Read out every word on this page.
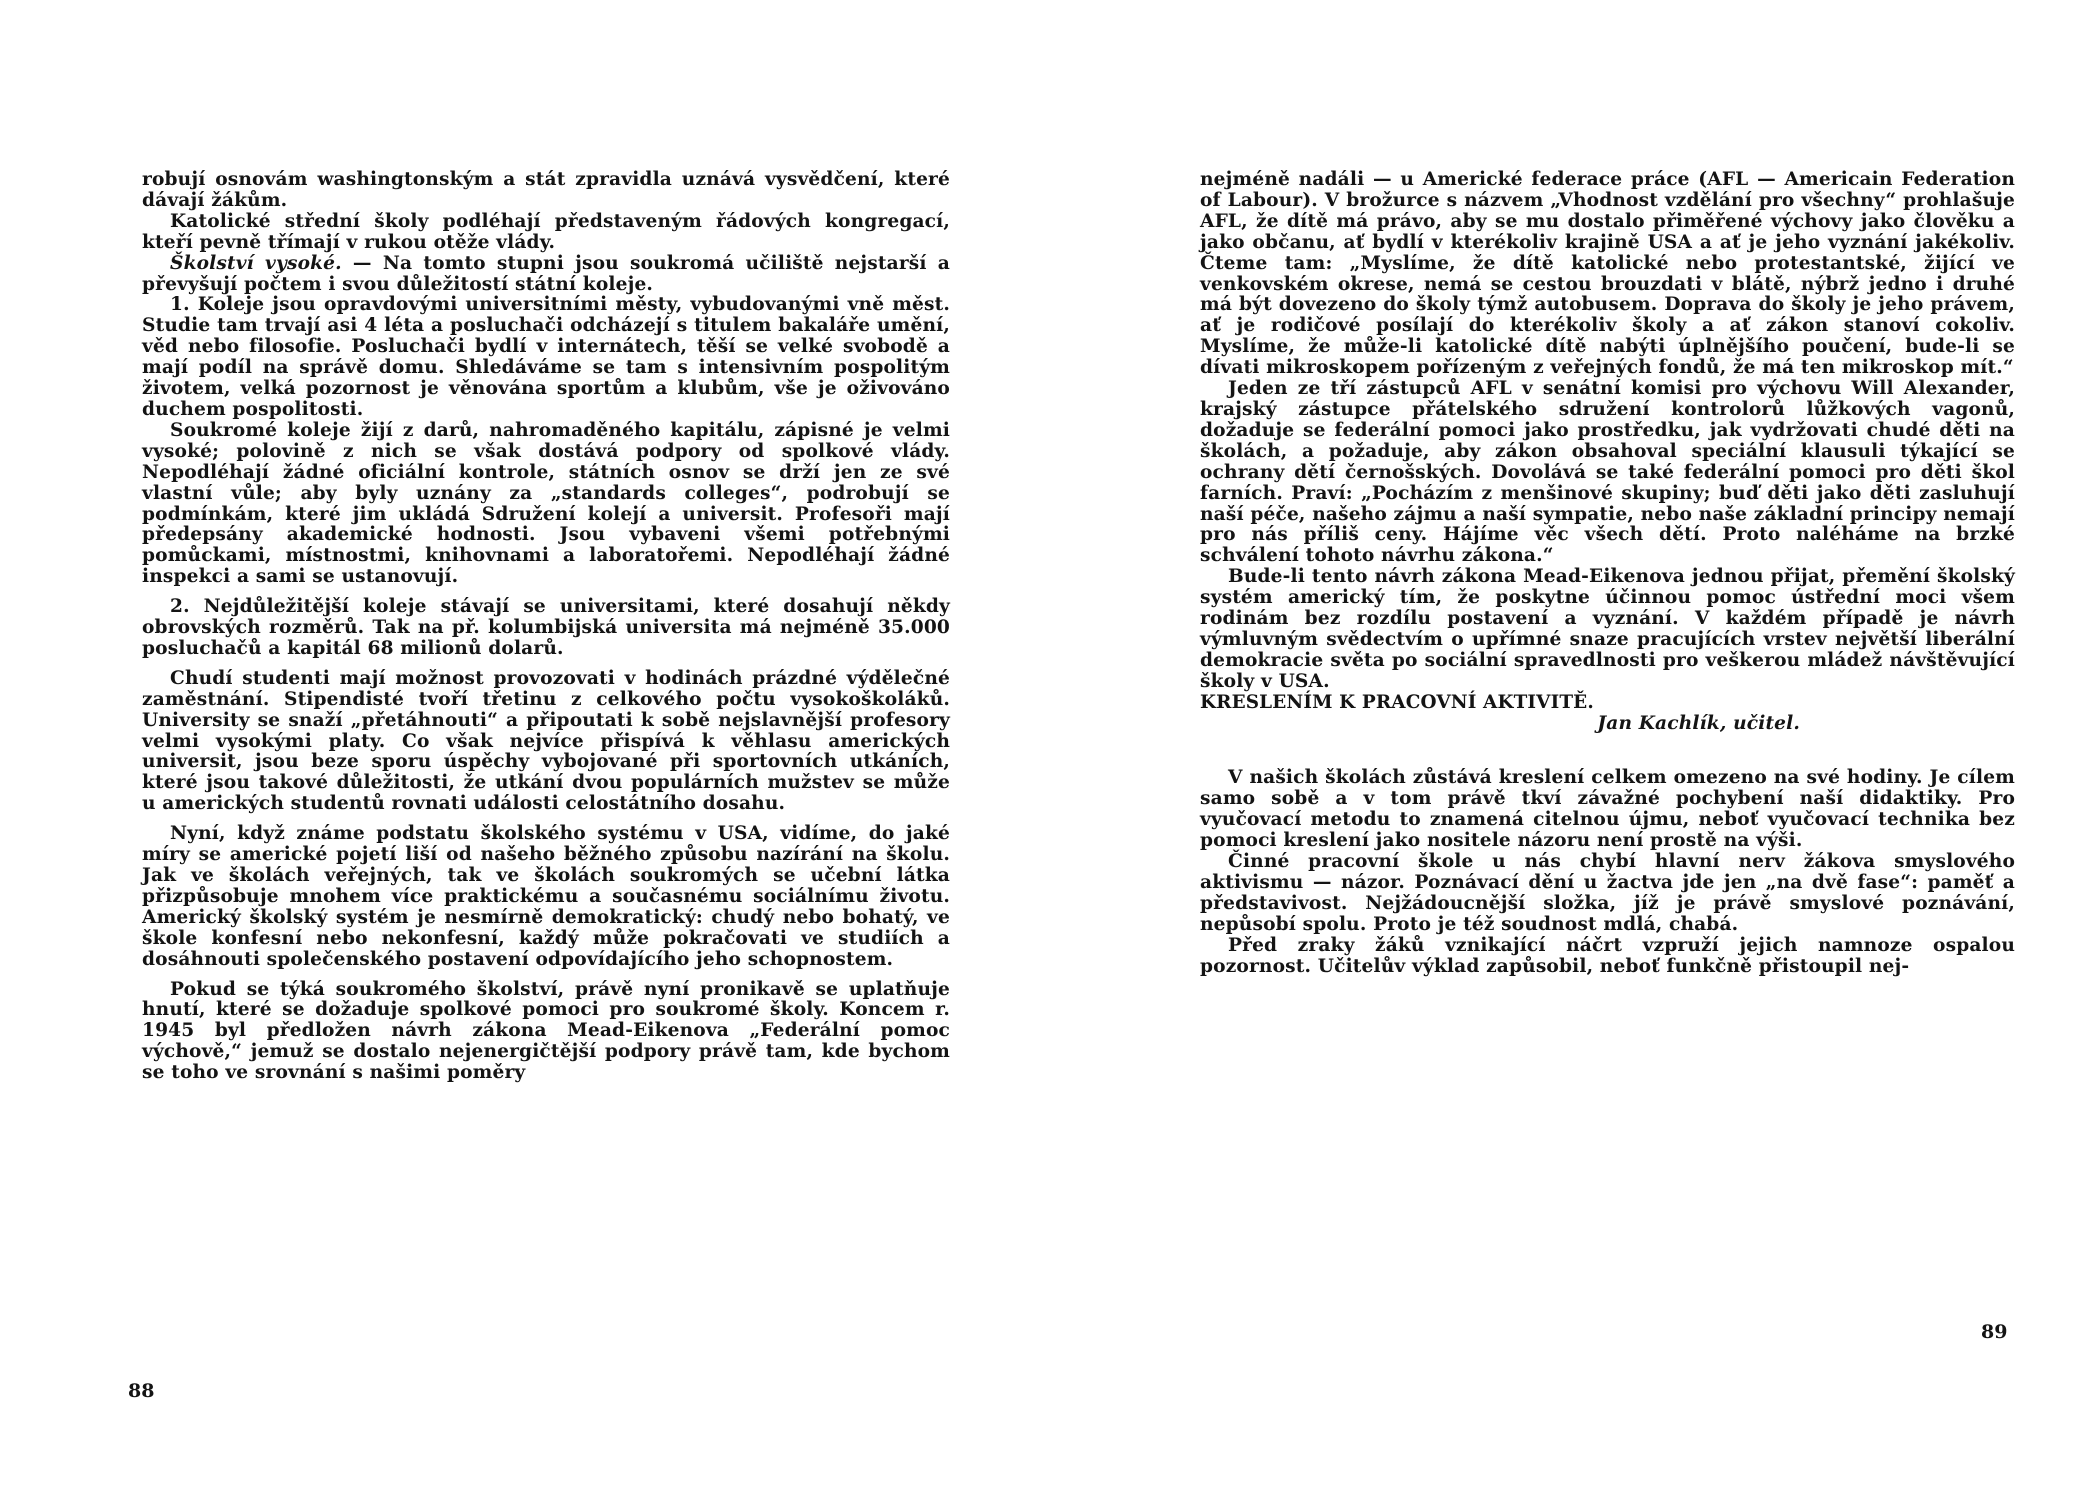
robují osnovám washingtonským a stát zpravidla uznává vysvědčení, které dávají žákům.

Katolické střední školy podléhají představeným řádových kongregací, kteří pevně třímají v rukou otěže vlády.

Školství vysoké. — Na tomto stupni jsou soukromá učiliště nejstarší a převyšují počtem i svou důležitostí státní koleje.

1. Koleje jsou opravdovými universitními městy, vybudovanými vně měst. Studie tam trvají asi 4 léta a posluchači odcházejí s titulem bakaláře umění, věd nebo filosofie. Posluchači bydlí v internátech, těší se velké svobodě a mají podíl na správě domu. Shledáváme se tam s intensivním pospolitým životem, velká pozornost je věnována sportům a klubům, vše je oživováno duchem pospolitosti.

Soukromé koleje žijí z darů, nahromaděného kapitálu, zápisné je velmi vysoké; polovině z nich se však dostává podpory od spolkové vlády. Nepodléhají žádné oficiální kontrole, státních osnov se drží jen ze své vlastní vůle; aby byly uznány za „standards colleges“, podrobují se podmínkám, které jim ukládá Sdružení kolejí a universit. Profesoři mají předepsány akademické hodnosti. Jsou vybaveni všemi potřebnými pomůckami, místnostmi, knihovnami a laboratořemi. Nepodléhají žádné inspekci a sami se ustanovují.

2. Nejdůležitější koleje stávají se universitami, které dosahují někdy obrovských rozměrů. Tak na př. kolumbijská universita má nejméně 35.000 posluchačů a kapitál 68 milionů dolarů.

Chudí studenti mají možnost provozovati v hodinách prázdné výdělečné zaměstnání. Stipendisté tvoří třetinu z celkového počtu vysokoškoláků. University se snaží „přetáhnouti“ a připoutati k sobě nejslavnější profesory velmi vysokými platy. Co však nejvíce přispívá k věhlasu amerických universit, jsou beze sporu úspěchy vybojované při sportovních utkáních, které jsou takové důležitosti, že utkání dvou populárních mužstev se může u amerických studentů rovnati události celostátního dosahu.

Nyní, když známe podstatu školského systému v USA, vidíme, do jaké míry se americké pojetí liší od našeho běžného způsobu nazírání na školu. Jak ve školách veřejných, tak ve školách soukromých se učební látka přizpůsobuje mnohem více praktickému a současnému sociálnímu životu. Americký školský systém je nesmírně demokratický: chudý nebo bohatý, ve škole konfesní nebo nekonfesní, každý může pokračovati ve studiích a dosáhnouti společenského postavení odpovídajícího jeho schopnostem.

Pokud se týká soukromého školství, právě nyní pronikavě se uplatňuje hnutí, které se dožaduje spolkové pomoci pro soukromé školy. Koncem r. 1945 byl předložen návrh zákona Mead-Eikenova „Federální pomoc výchově,“ jemuž se dostalo nejenergičtější podpory právě tam, kde bychom se toho ve srovnání s našimi poměry

88

nejméně nadáli — u Americké federace práce (AFL — Americain Federation of Labour). V brožurce s názvem „Vhodnost vzdělání pro všechny“ prohlašuje AFL, že dítě má právo, aby se mu dostalo přiměřené výchovy jako člověku a jako občanu, ať bydlí v kterékoliv krajině USA a ať je jeho vyznání jakékoliv. Čteme tam: „Myslíme, že dítě katolické nebo protestantské, žijící ve venkovském okrese, nemá se cestou brouzdati v blátě, nýbrž jedno i druhé má být dovezeno do školy týmž autobusem. Doprava do školy je jeho právem, ať je rodičové posílají do kterékoliv školy a ať zákon stanoví cokoliv. Myslíme, že může-li katolické dítě nabýti úplnějšího poučení, bude-li se dívati mikroskopem pořízeným z veřejných fondů, že má ten mikroskop mít.“

Jeden ze tří zástupců AFL v senátní komisi pro výchovu Will Alexander, krajský zástupce přátelského sdružení kontrolorů lůžkových vagonů, dožaduje se federální pomoci jako prostředku, jak vydržovati chudé děti na školách, a požaduje, aby zákon obsahoval speciální klausuli týkající se ochrany dětí černošských. Dovolává se také federální pomoci pro děti škol farních. Praví: „Pocházím z menšinové skupiny; buď děti jako děti zasluhují naší péče, našeho zájmu a naší sympatie, nebo naše základní principy nemají pro nás příliš ceny. Hájíme věc všech dětí. Proto naléháme na brzké schválení tohoto návrhu zákona.“

Bude-li tento návrh zákona Mead-Eikenova jednou přijat, přemění školský systém americký tím, že poskytne účinnou pomoc ústřední moci všem rodinám bez rozdílu postavení a vyznání. V každém případě je návrh výmluvným svědectvím o upřímné snaze pracujících vrstev největší liberální demokracie světa po sociální spravedlnosti pro veškerou mládež návštěvující školy v USA.

KRESLENÍM K PRACOVNÍ AKTIVITĚ.

Jan Kachlík, učitel.

V našich školách zůstává kreslení celkem omezeno na své hodiny. Je cílem samo sobě a v tom právě tkví závažné pochybení naší didaktiky. Pro vyučovací metodu to znamená citelnou újmu, neboť vyučovací technika bez pomoci kreslení jako nositele názoru není prostě na výši.

Činné pracovní škole u nás chybí hlavní nerv žákova smyslového aktivismu — názor. Poznávací dění u žactva jde jen „na dvě fase“: paměť a představivost. Nejžádoucnější složka, jíž je právě smyslové poznávání, nepůsobí spolu. Proto je též soudnost mdlá, chabá.

Před zraky žáků vznikající náčrt vzpruží jejich namnoze ospalou pozornost. Učitelův výklad zapůsobil, neboť funkčně přistoupil nej-

89
